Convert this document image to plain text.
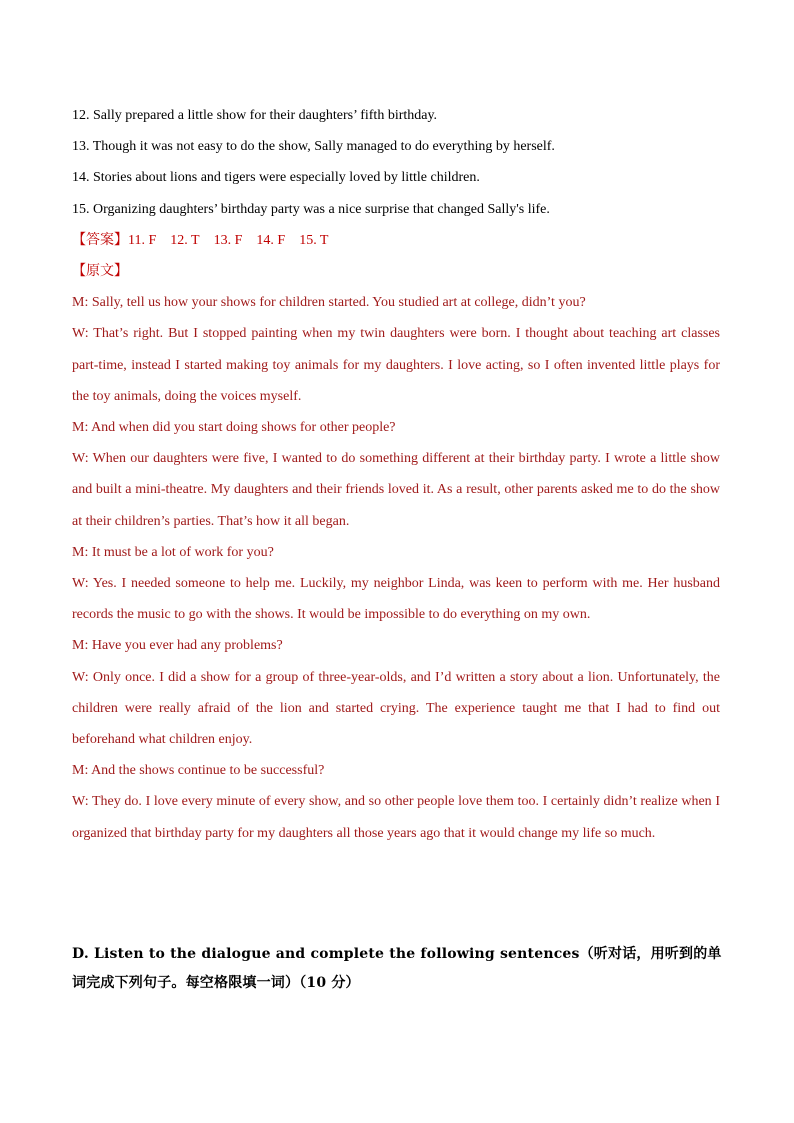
12. Sally prepared a little show for their daughters’ fifth birthday.
13. Though it was not easy to do the show, Sally managed to do everything by herself.
14. Stories about lions and tigers were especially loved by little children.
15. Organizing daughters’ birthday party was a nice surprise that changed Sally's life.
【答案】11. F 12. T 13. F 14. F 15. T
【原文】
M: Sally, tell us how your shows for children started. You studied art at college, didn’t you?
W: That’s right. But I stopped painting when my twin daughters were born. I thought about teaching art classes part-time, instead I started making toy animals for my daughters. I love acting, so I often invented little plays for the toy animals, doing the voices myself.
M: And when did you start doing shows for other people?
W: When our daughters were five, I wanted to do something different at their birthday party. I wrote a little show and built a mini-theatre. My daughters and their friends loved it. As a result, other parents asked me to do the show at their children’s parties. That’s how it all began.
M: It must be a lot of work for you?
W: Yes. I needed someone to help me. Luckily, my neighbor Linda, was keen to perform with me. Her husband records the music to go with the shows. It would be impossible to do everything on my own.
M: Have you ever had any problems?
W: Only once. I did a show for a group of three-year-olds, and I’d written a story about a lion. Unfortunately, the children were really afraid of the lion and started crying. The experience taught me that I had to find out beforehand what children enjoy.
M: And the shows continue to be successful?
W: They do. I love every minute of every show, and so other people love them too. I certainly didn’t realize when I organized that birthday party for my daughters all those years ago that it would change my life so much.
D. Listen to the dialogue and complete the following sentences（听对话，用听到的单词完成下列句子。每空格限填一词）（10 分）
